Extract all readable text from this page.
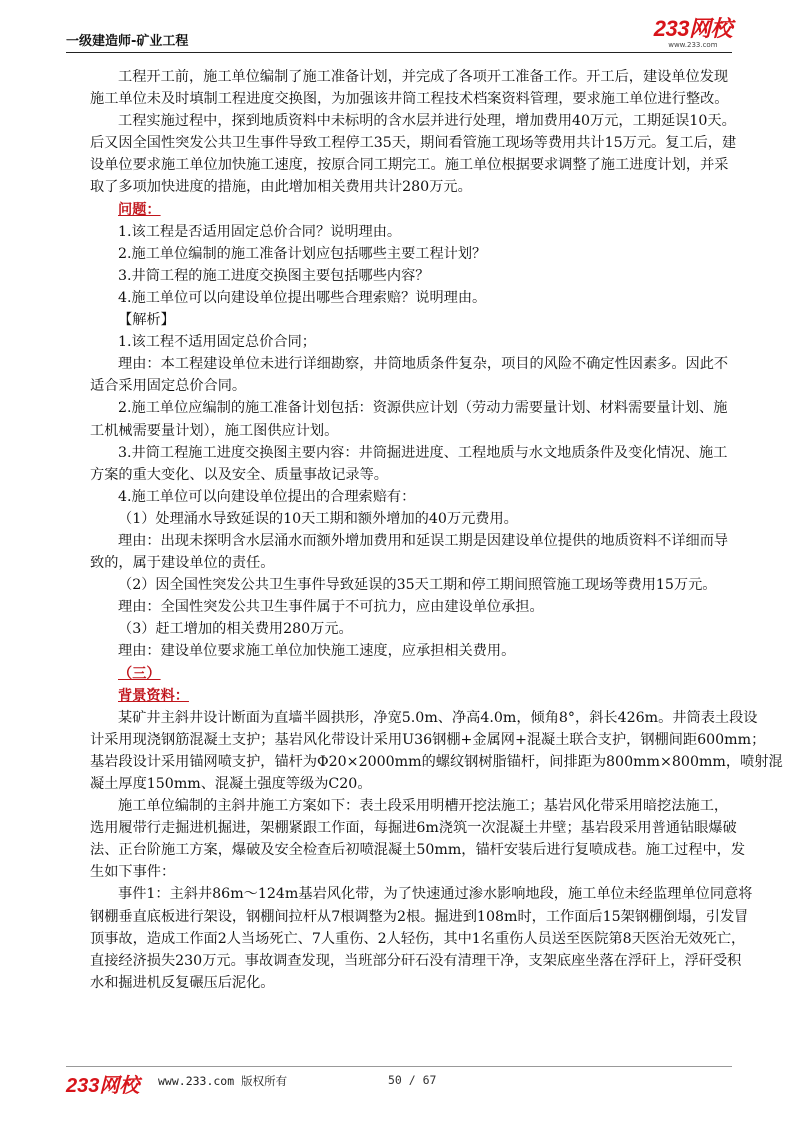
一级建造师-矿业工程
233网校
www.233.com

工程开工前，施工单位编制了施工准备计划，并完成了各项开工准备工作。开工后，建设单位发现

施工单位未及时填制工程进度交换图，为加强该井筒工程技术档案资料管理，要求施工单位进行整改。

工程实施过程中，探到地质资料中未标明的含水层并进行处理，增加费用40万元，工期延误10天。

后又因全国性突发公共卫生事件导致工程停工35天，期间看管施工现场等费用共计15万元。复工后，建

设单位要求施工单位加快施工速度，按原合同工期完工。施工单位根据要求调整了施工进度计划，并采

取了多项加快进度的措施，由此增加相关费用共计280万元。

问题：

1.该工程是否适用固定总价合同？说明理由。

2.施工单位编制的施工准备计划应包括哪些主要工程计划？

3.井筒工程的施工进度交换图主要包括哪些内容？

4.施工单位可以向建设单位提出哪些合理索赔？说明理由。

【解析】

1.该工程不适用固定总价合同；

理由：本工程建设单位未进行详细勘察，井筒地质条件复杂，项目的风险不确定性因素多。因此不

适合采用固定总价合同。

2.施工单位应编制的施工准备计划包括：资源供应计划（劳动力需要量计划、材料需要量计划、施

工机械需要量计划），施工图供应计划。

3.井筒工程施工进度交换图主要内容：井筒掘进进度、工程地质与水文地质条件及变化情况、施工

方案的重大变化、以及安全、质量事故记录等。

4.施工单位可以向建设单位提出的合理索赔有：

（1）处理涌水导致延误的10天工期和额外增加的40万元费用。

理由：出现未探明含水层涌水而额外增加费用和延误工期是因建设单位提供的地质资料不详细而导

致的，属于建设单位的责任。

（2）因全国性突发公共卫生事件导致延误的35天工期和停工期间照管施工现场等费用15万元。

理由：全国性突发公共卫生事件属于不可抗力，应由建设单位承担。

（3）赶工增加的相关费用280万元。

理由：建设单位要求施工单位加快施工速度，应承担相关费用。

（三）

背景资料：

某矿井主斜井设计断面为直墙半圆拱形，净宽5.0m、净高4.0m，倾角8°，斜长426m。井筒表土段设

计采用现浇钢筋混凝土支护；基岩风化带设计采用U36钢棚+金属网+混凝土联合支护，钢棚间距600mm；

基岩段设计采用锚网喷支护，锚杆为Φ20×2000mm的螺纹钢树脂锚杆，间排距为800mm×800mm，喷射混

凝土厚度150mm、混凝土强度等级为C20。

施工单位编制的主斜井施工方案如下：表土段采用明槽开挖法施工；基岩风化带采用暗挖法施工，

选用履带行走掘进机掘进，架棚紧跟工作面，每掘进6m浇筑一次混凝土井壁；基岩段采用普通钻眼爆破

法、正台阶施工方案，爆破及安全检查后初喷混凝土50mm，锚杆安装后进行复喷成巷。施工过程中，发

生如下事件：

事件1：主斜井86m～124m基岩风化带，为了快速通过渗水影响地段，施工单位未经监理单位同意将

钢棚垂直底板进行架设，钢棚间拉杆从7根调整为2根。掘进到108m时，工作面后15架钢棚倒塌，引发冒

顶事故，造成工作面2人当场死亡、7人重伤、2人轻伤，其中1名重伤人员送至医院第8天医治无效死亡，

直接经济损失230万元。事故调查发现，当班部分矸石没有清理干净，支架底座坐落在浮矸上，浮矸受积

水和掘进机反复碾压后泥化。

233网校 www.233.com 版权所有	50 / 67
